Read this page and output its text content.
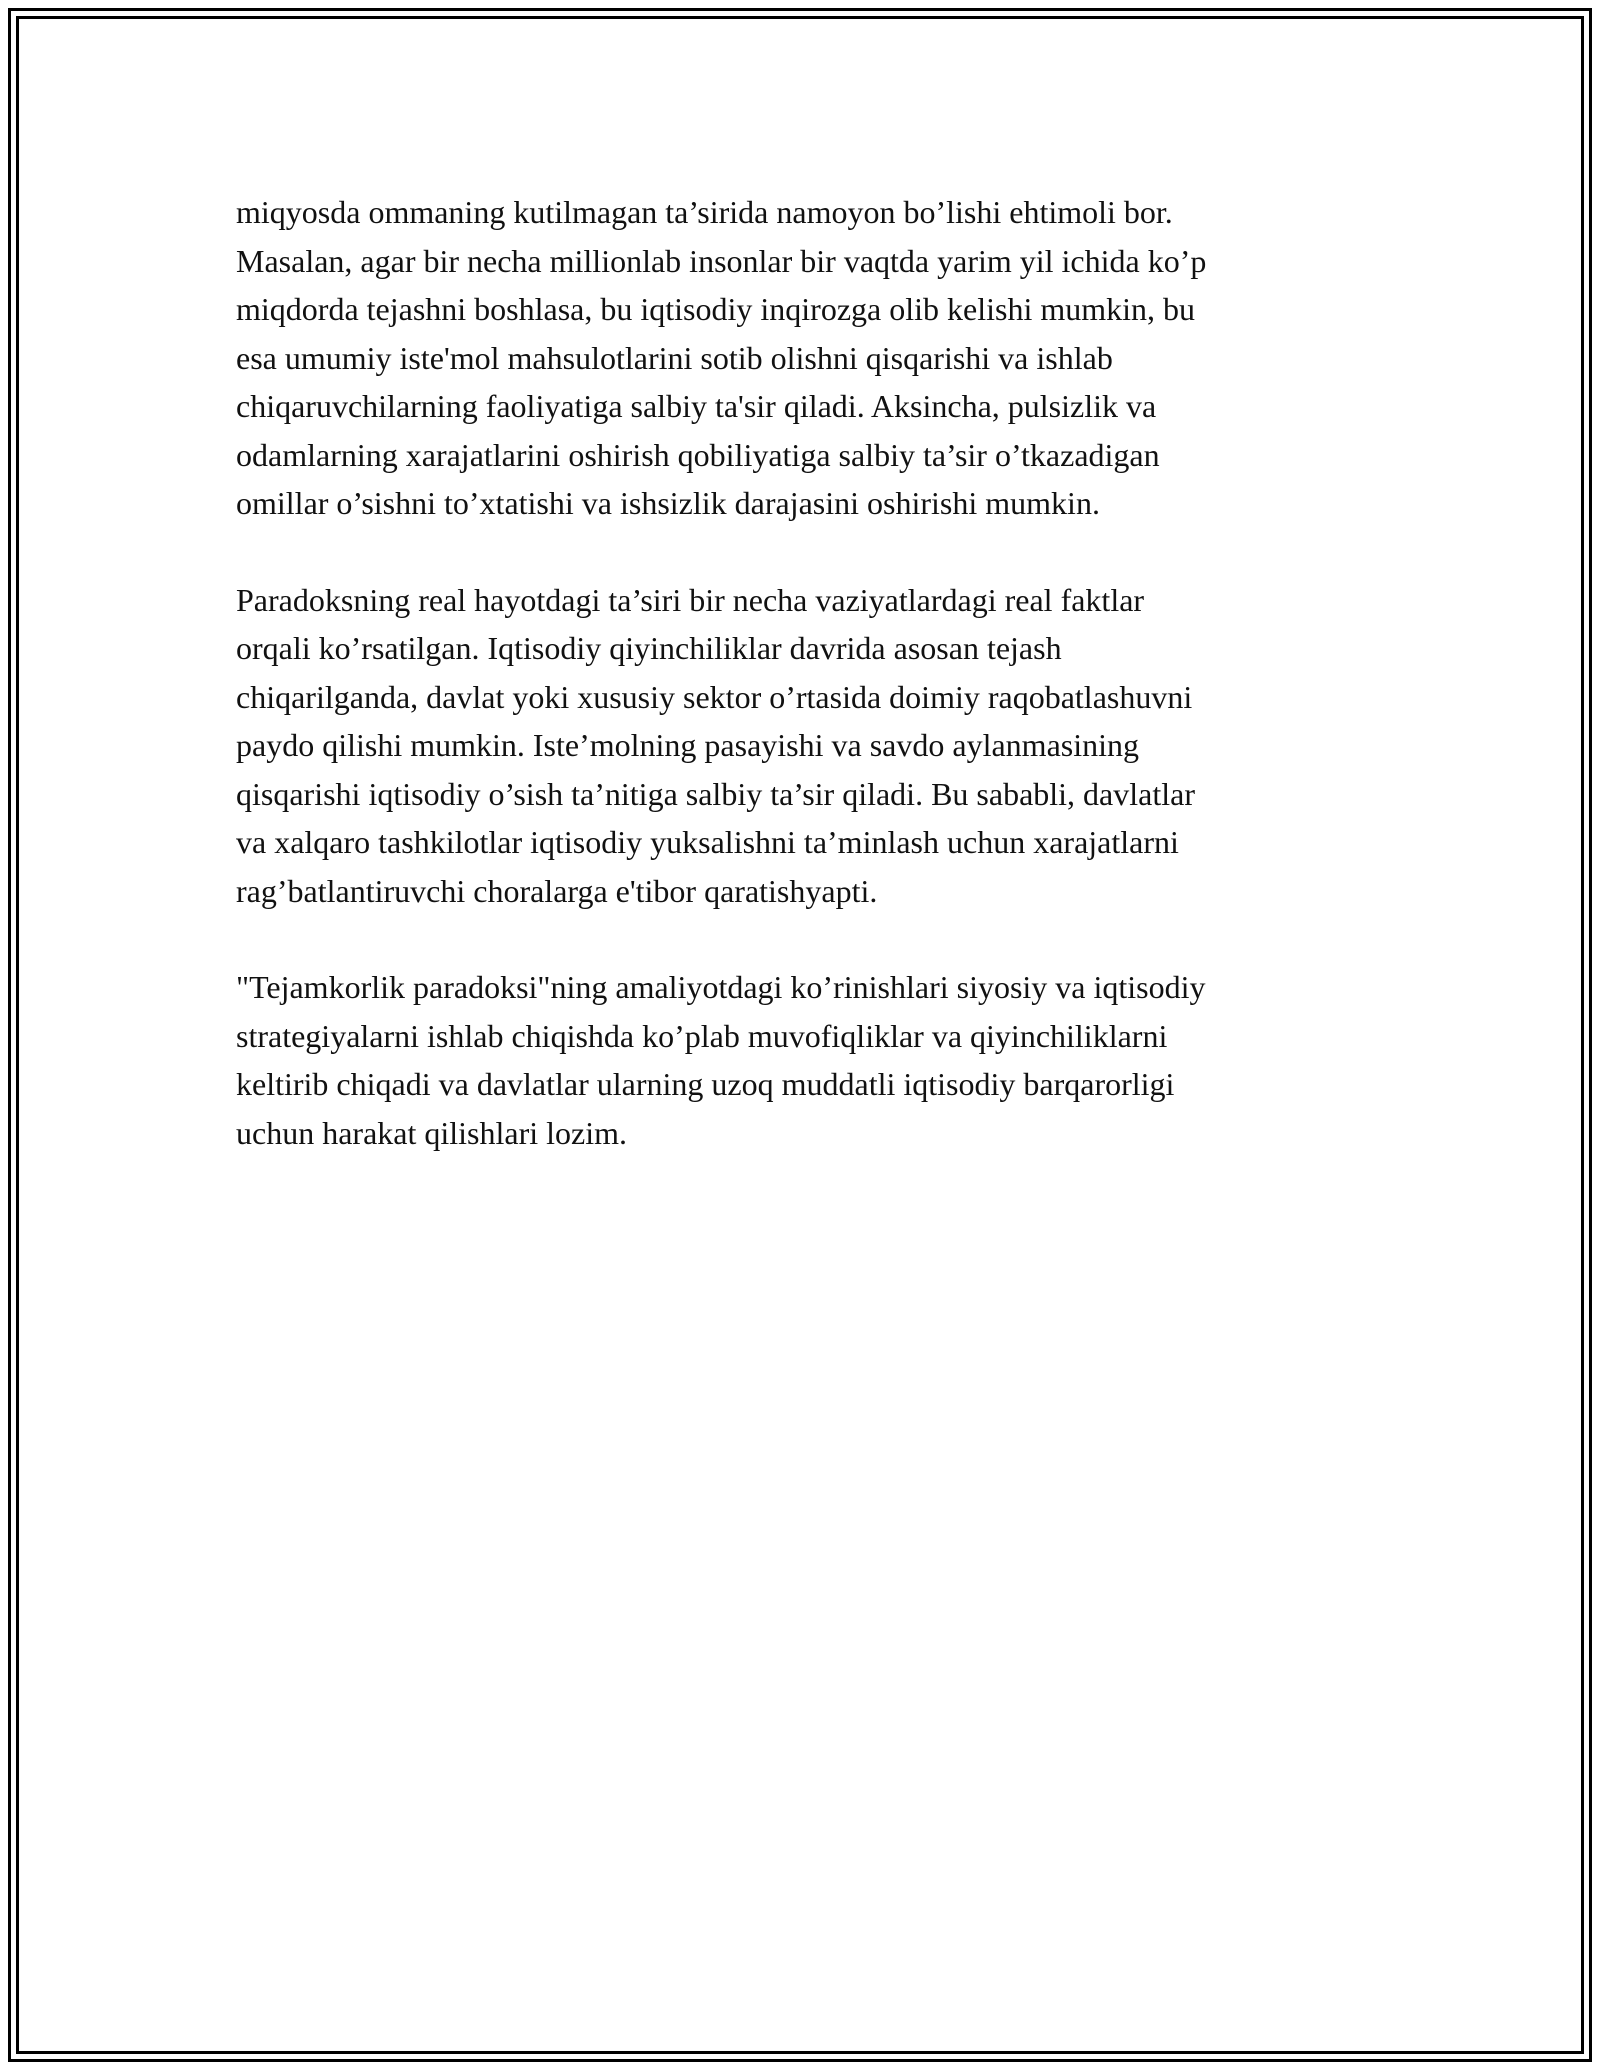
miqyosda ommaning kutilmagan ta’sirida namoyon bo’lishi ehtimoli bor.
Masalan, agar bir necha millionlab insonlar bir vaqtda yarim yil ichida ko’p
miqdorda tejashni boshlasa, bu iqtisodiy inqirozga olib kelishi mumkin, bu
esa umumiy iste'mol mahsulotlarini sotib olishni qisqarishi va ishlab
chiqaruvchilarning faoliyatiga salbiy ta'sir qiladi. Aksincha, pulsizlik va
odamlarning xarajatlarini oshirish qobiliyatiga salbiy ta’sir o’tkazadigan
omillar o’sishni to’xtatishi va ishsizlik darajasini oshirishi mumkin.

Paradoksning real hayotdagi ta’siri bir necha vaziyatlardagi real faktlar
orqali ko’rsatilgan. Iqtisodiy qiyinchiliklar davrida asosan tejash
chiqarilganda, davlat yoki xususiy sektor o’rtasida doimiy raqobatlashuvni
paydo qilishi mumkin. Iste’molning pasayishi va savdo aylanmasining
qisqarishi iqtisodiy o’sish ta’nitiga salbiy ta’sir qiladi. Bu sababli, davlatlar
va xalqaro tashkilotlar iqtisodiy yuksalishni ta’minlash uchun xarajatlarni
rag’batlantiruvchi choralarga e'tibor qaratishyapti.

"Tejamkorlik paradoksi"ning amaliyotdagi ko’rinishlari siyosiy va iqtisodiy
strategiyalarni ishlab chiqishda ko’plab muvofiqliklar va qiyinchiliklarni
keltirib chiqadi va davlatlar ularning uzoq muddatli iqtisodiy barqarorligi
uchun harakat qilishlari lozim.
